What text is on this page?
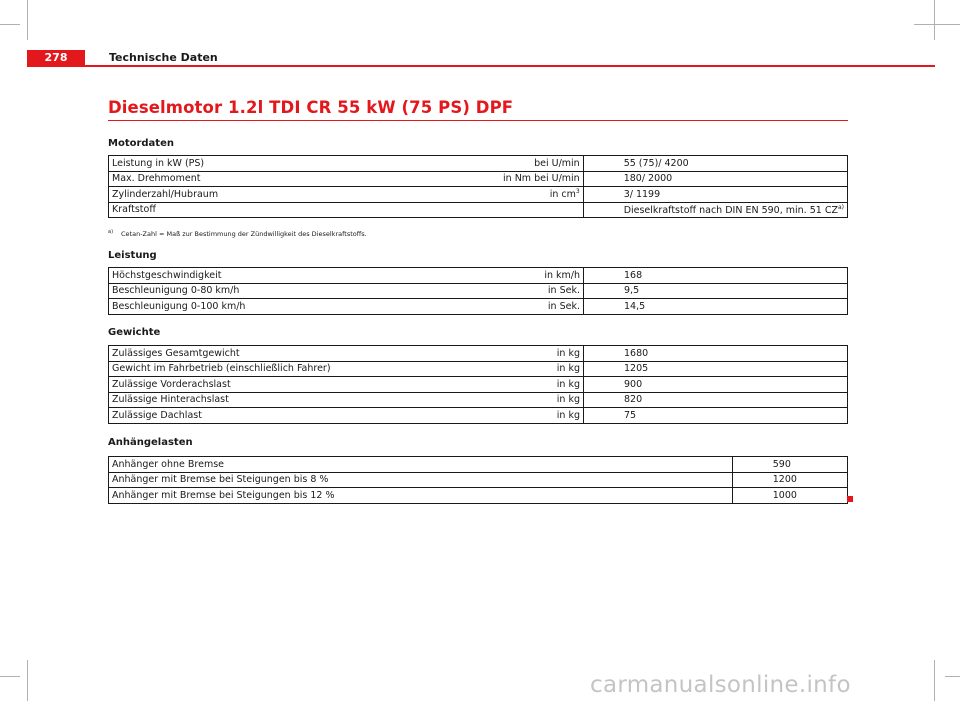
278	Technische Daten
Dieselmotor 1.2l TDI CR 55 kW (75 PS) DPF
Motordaten
Leistung in kW (PS)	bei U/min	55 (75)/ 4200
Max. Drehmoment	in Nm bei U/min	180/ 2000
Zylinderzahl/Hubraum	in $cm^3$	3/ 1199
Kraftstoff		Dieselkraftstoff nach DIN EN 590, min. 51 CZ$^{a)}$
$^{a)}$ Cetan-Zahl = Maß zur Bestimmung der Zündwilligkeit des Dieselkraftstoffs.
Leistung
Höchstgeschwindigkeit	in km/h	168
Beschleunigung 0-80 km/h	in Sek.	9,5
Beschleunigung 0-100 km/h	in Sek.	14,5
Gewichte
Zulässiges Gesamtgewicht	in kg	1680
Gewicht im Fahrbetrieb (einschließlich Fahrer)	in kg	1205
Zulässige Vorderachslast	in kg	900
Zulässige Hinterachslast	in kg	820
Zulässige Dachlast	in kg	75
Anhängelasten
Anhänger ohne Bremse	590
Anhänger mit Bremse bei Steigungen bis 8 %	1200
Anhänger mit Bremse bei Steigungen bis 12 %	1000
carmanualsonline.info
